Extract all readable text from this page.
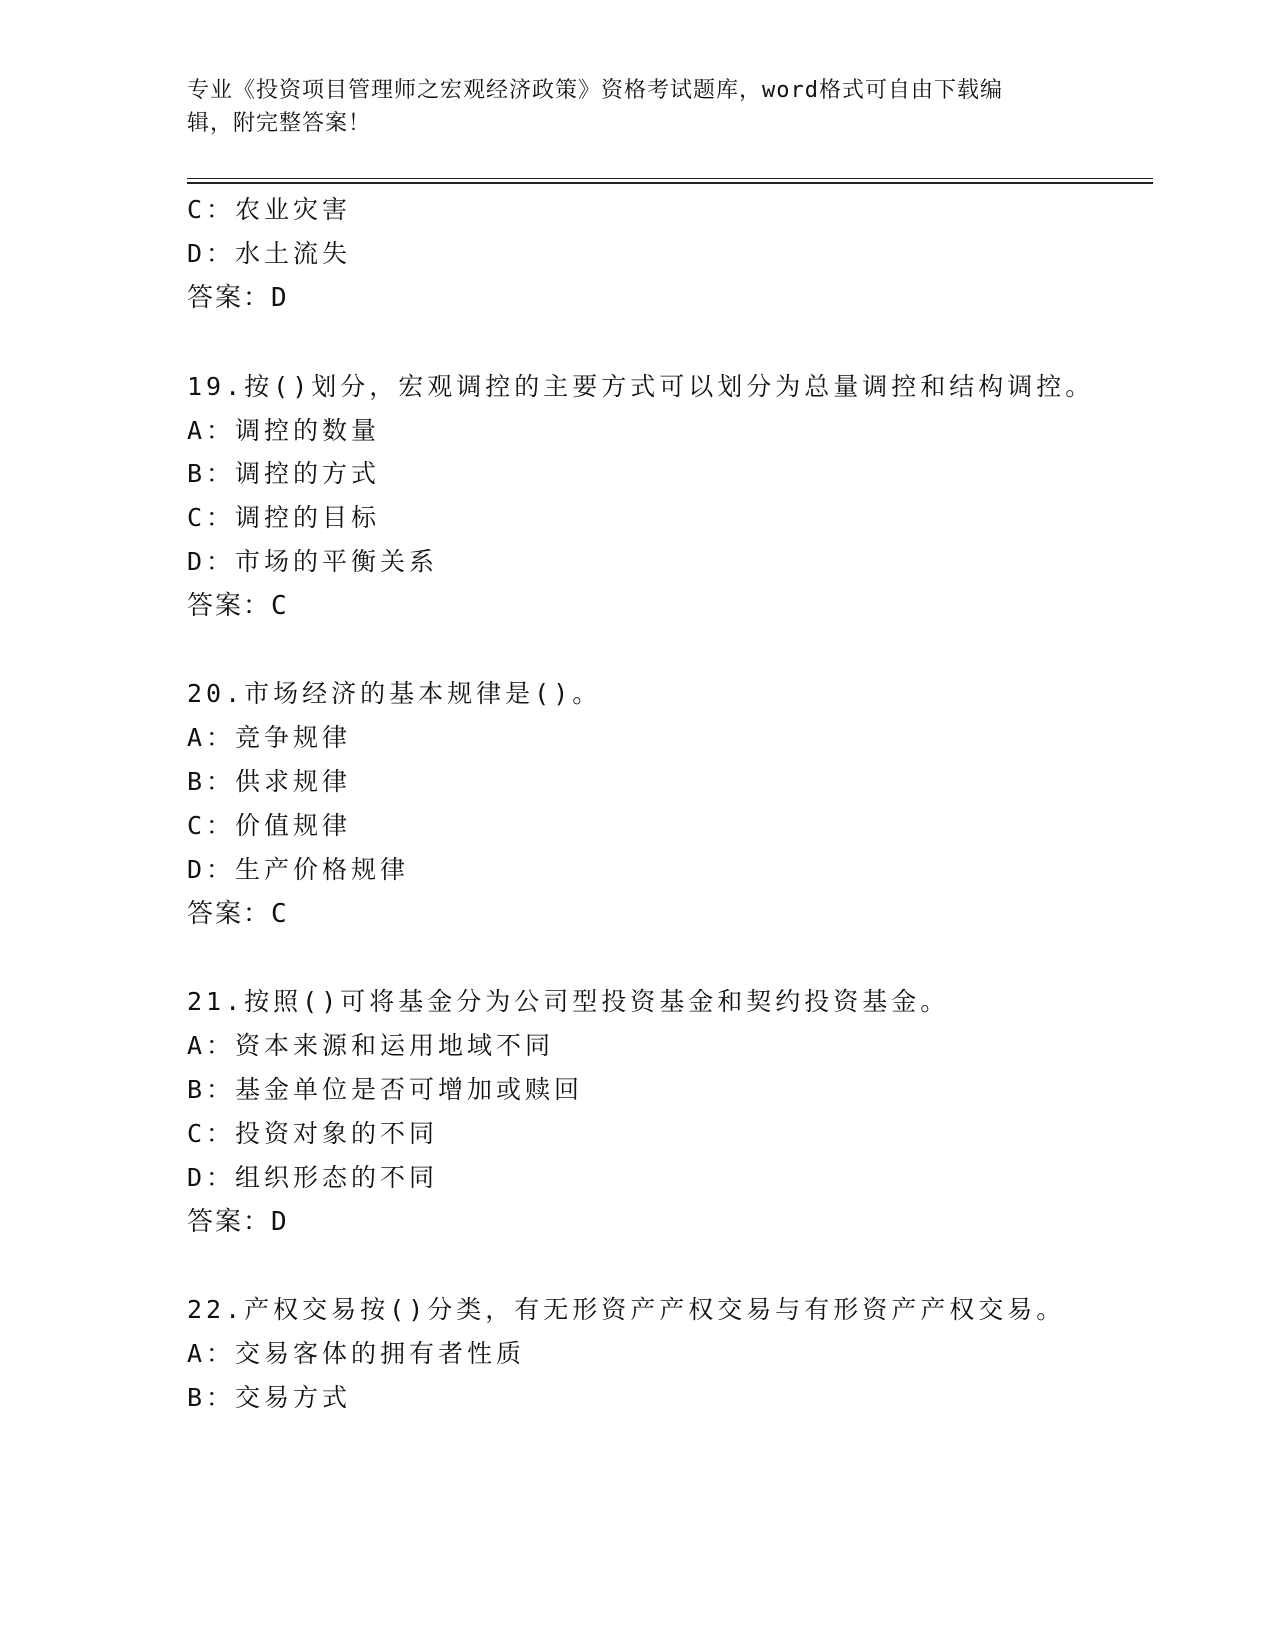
专业《投资项目管理师之宏观经济政策》资格考试题库，word格式可自由下载编
辑，附完整答案！
C：农业灾害
D：水土流失
答案：D
19.按()划分，宏观调控的主要方式可以划分为总量调控和结构调控。
A：调控的数量
B：调控的方式
C：调控的目标
D：市场的平衡关系
答案：C
20.市场经济的基本规律是()。
A：竞争规律
B：供求规律
C：价值规律
D：生产价格规律
答案：C
21.按照()可将基金分为公司型投资基金和契约投资基金。
A：资本来源和运用地域不同
B：基金单位是否可增加或赎回
C：投资对象的不同
D：组织形态的不同
答案：D
22.产权交易按()分类，有无形资产产权交易与有形资产产权交易。
A：交易客体的拥有者性质
B：交易方式
